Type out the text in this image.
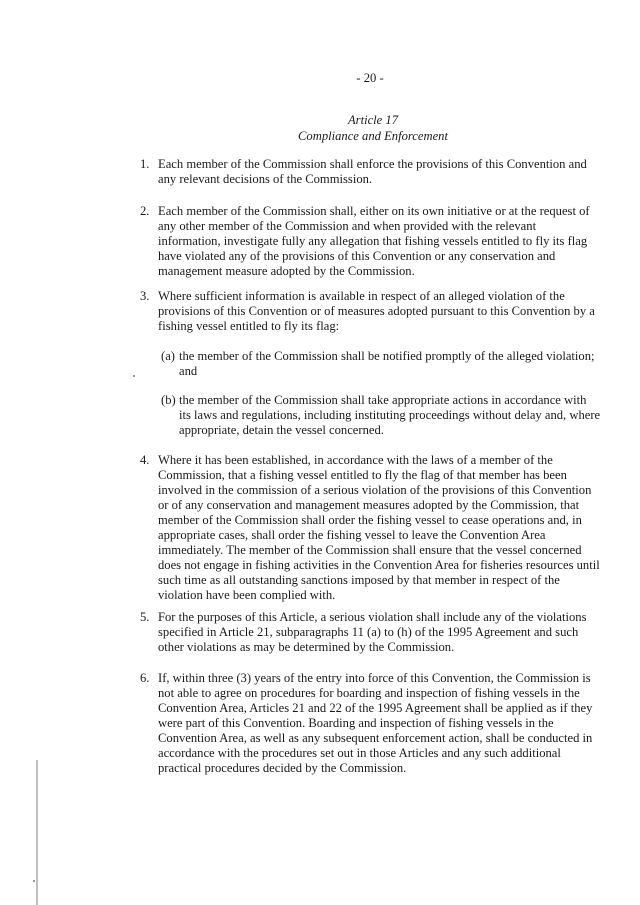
- 20 -
Article 17
Compliance and Enforcement
1. Each member of the Commission shall enforce the provisions of this Convention and any relevant decisions of the Commission.
2. Each member of the Commission shall, either on its own initiative or at the request of any other member of the Commission and when provided with the relevant information, investigate fully any allegation that fishing vessels entitled to fly its flag have violated any of the provisions of this Convention or any conservation and management measure adopted by the Commission.
3. Where sufficient information is available in respect of an alleged violation of the provisions of this Convention or of measures adopted pursuant to this Convention by a fishing vessel entitled to fly its flag:
(a) the member of the Commission shall be notified promptly of the alleged violation; and
(b) the member of the Commission shall take appropriate actions in accordance with its laws and regulations, including instituting proceedings without delay and, where appropriate, detain the vessel concerned.
4. Where it has been established, in accordance with the laws of a member of the Commission, that a fishing vessel entitled to fly the flag of that member has been involved in the commission of a serious violation of the provisions of this Convention or of any conservation and management measures adopted by the Commission, that member of the Commission shall order the fishing vessel to cease operations and, in appropriate cases, shall order the fishing vessel to leave the Convention Area immediately. The member of the Commission shall ensure that the vessel concerned does not engage in fishing activities in the Convention Area for fisheries resources until such time as all outstanding sanctions imposed by that member in respect of the violation have been complied with.
5. For the purposes of this Article, a serious violation shall include any of the violations specified in Article 21, subparagraphs 11 (a) to (h) of the 1995 Agreement and such other violations as may be determined by the Commission.
6. If, within three (3) years of the entry into force of this Convention, the Commission is not able to agree on procedures for boarding and inspection of fishing vessels in the Convention Area, Articles 21 and 22 of the 1995 Agreement shall be applied as if they were part of this Convention. Boarding and inspection of fishing vessels in the Convention Area, as well as any subsequent enforcement action, shall be conducted in accordance with the procedures set out in those Articles and any such additional practical procedures decided by the Commission.
